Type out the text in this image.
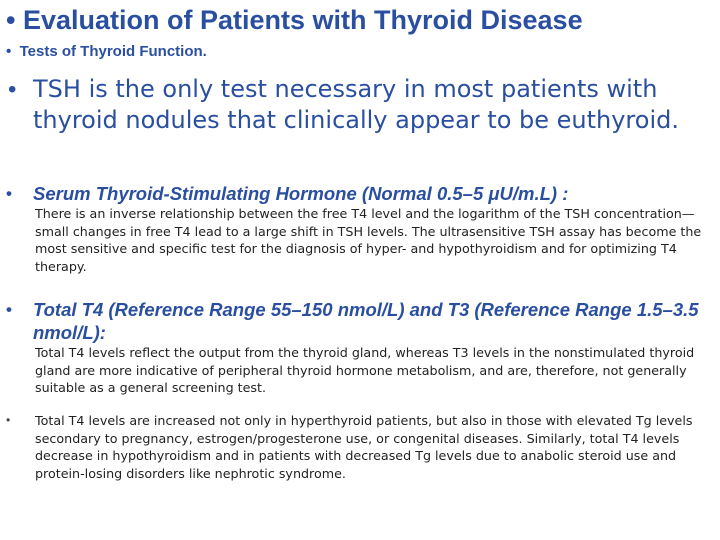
•
Evaluation of Patients with Thyroid Disease
•
Tests of Thyroid Function.
• TSH is the only test necessary in most patients with thyroid nodules that clinically appear to be euthyroid.
•	Serum Thyroid-Stimulating Hormone (Normal 0.5–5 μU/m.L) :
There is an inverse relationship between the free T4 level and the logarithm of the TSH concentration— small changes in free T4 lead to a large shift in TSH levels. The ultrasensitive TSH assay has become the most sensitive and specific test for the diagnosis of hyper- and hypothyroidism and for optimizing T4 therapy.
•	Total T4 (Reference Range 55–150 nmol/L) and T3 (Reference Range 1.5–3.5 nmol/L):
Total T4 levels reflect the output from the thyroid gland, whereas T3 levels in the nonstimulated thyroid gland are more indicative of peripheral thyroid hormone metabolism, and are, therefore, not generally suitable as a general screening test.
•	Total T4 levels are increased not only in hyperthyroid patients, but also in those with elevated Tg levels secondary to pregnancy, estrogen/progesterone use, or congenital diseases. Similarly, total T4 levels decrease in hypothyroidism and in patients with decreased Tg levels due to anabolic steroid use and protein-losing disorders like nephrotic syndrome.
